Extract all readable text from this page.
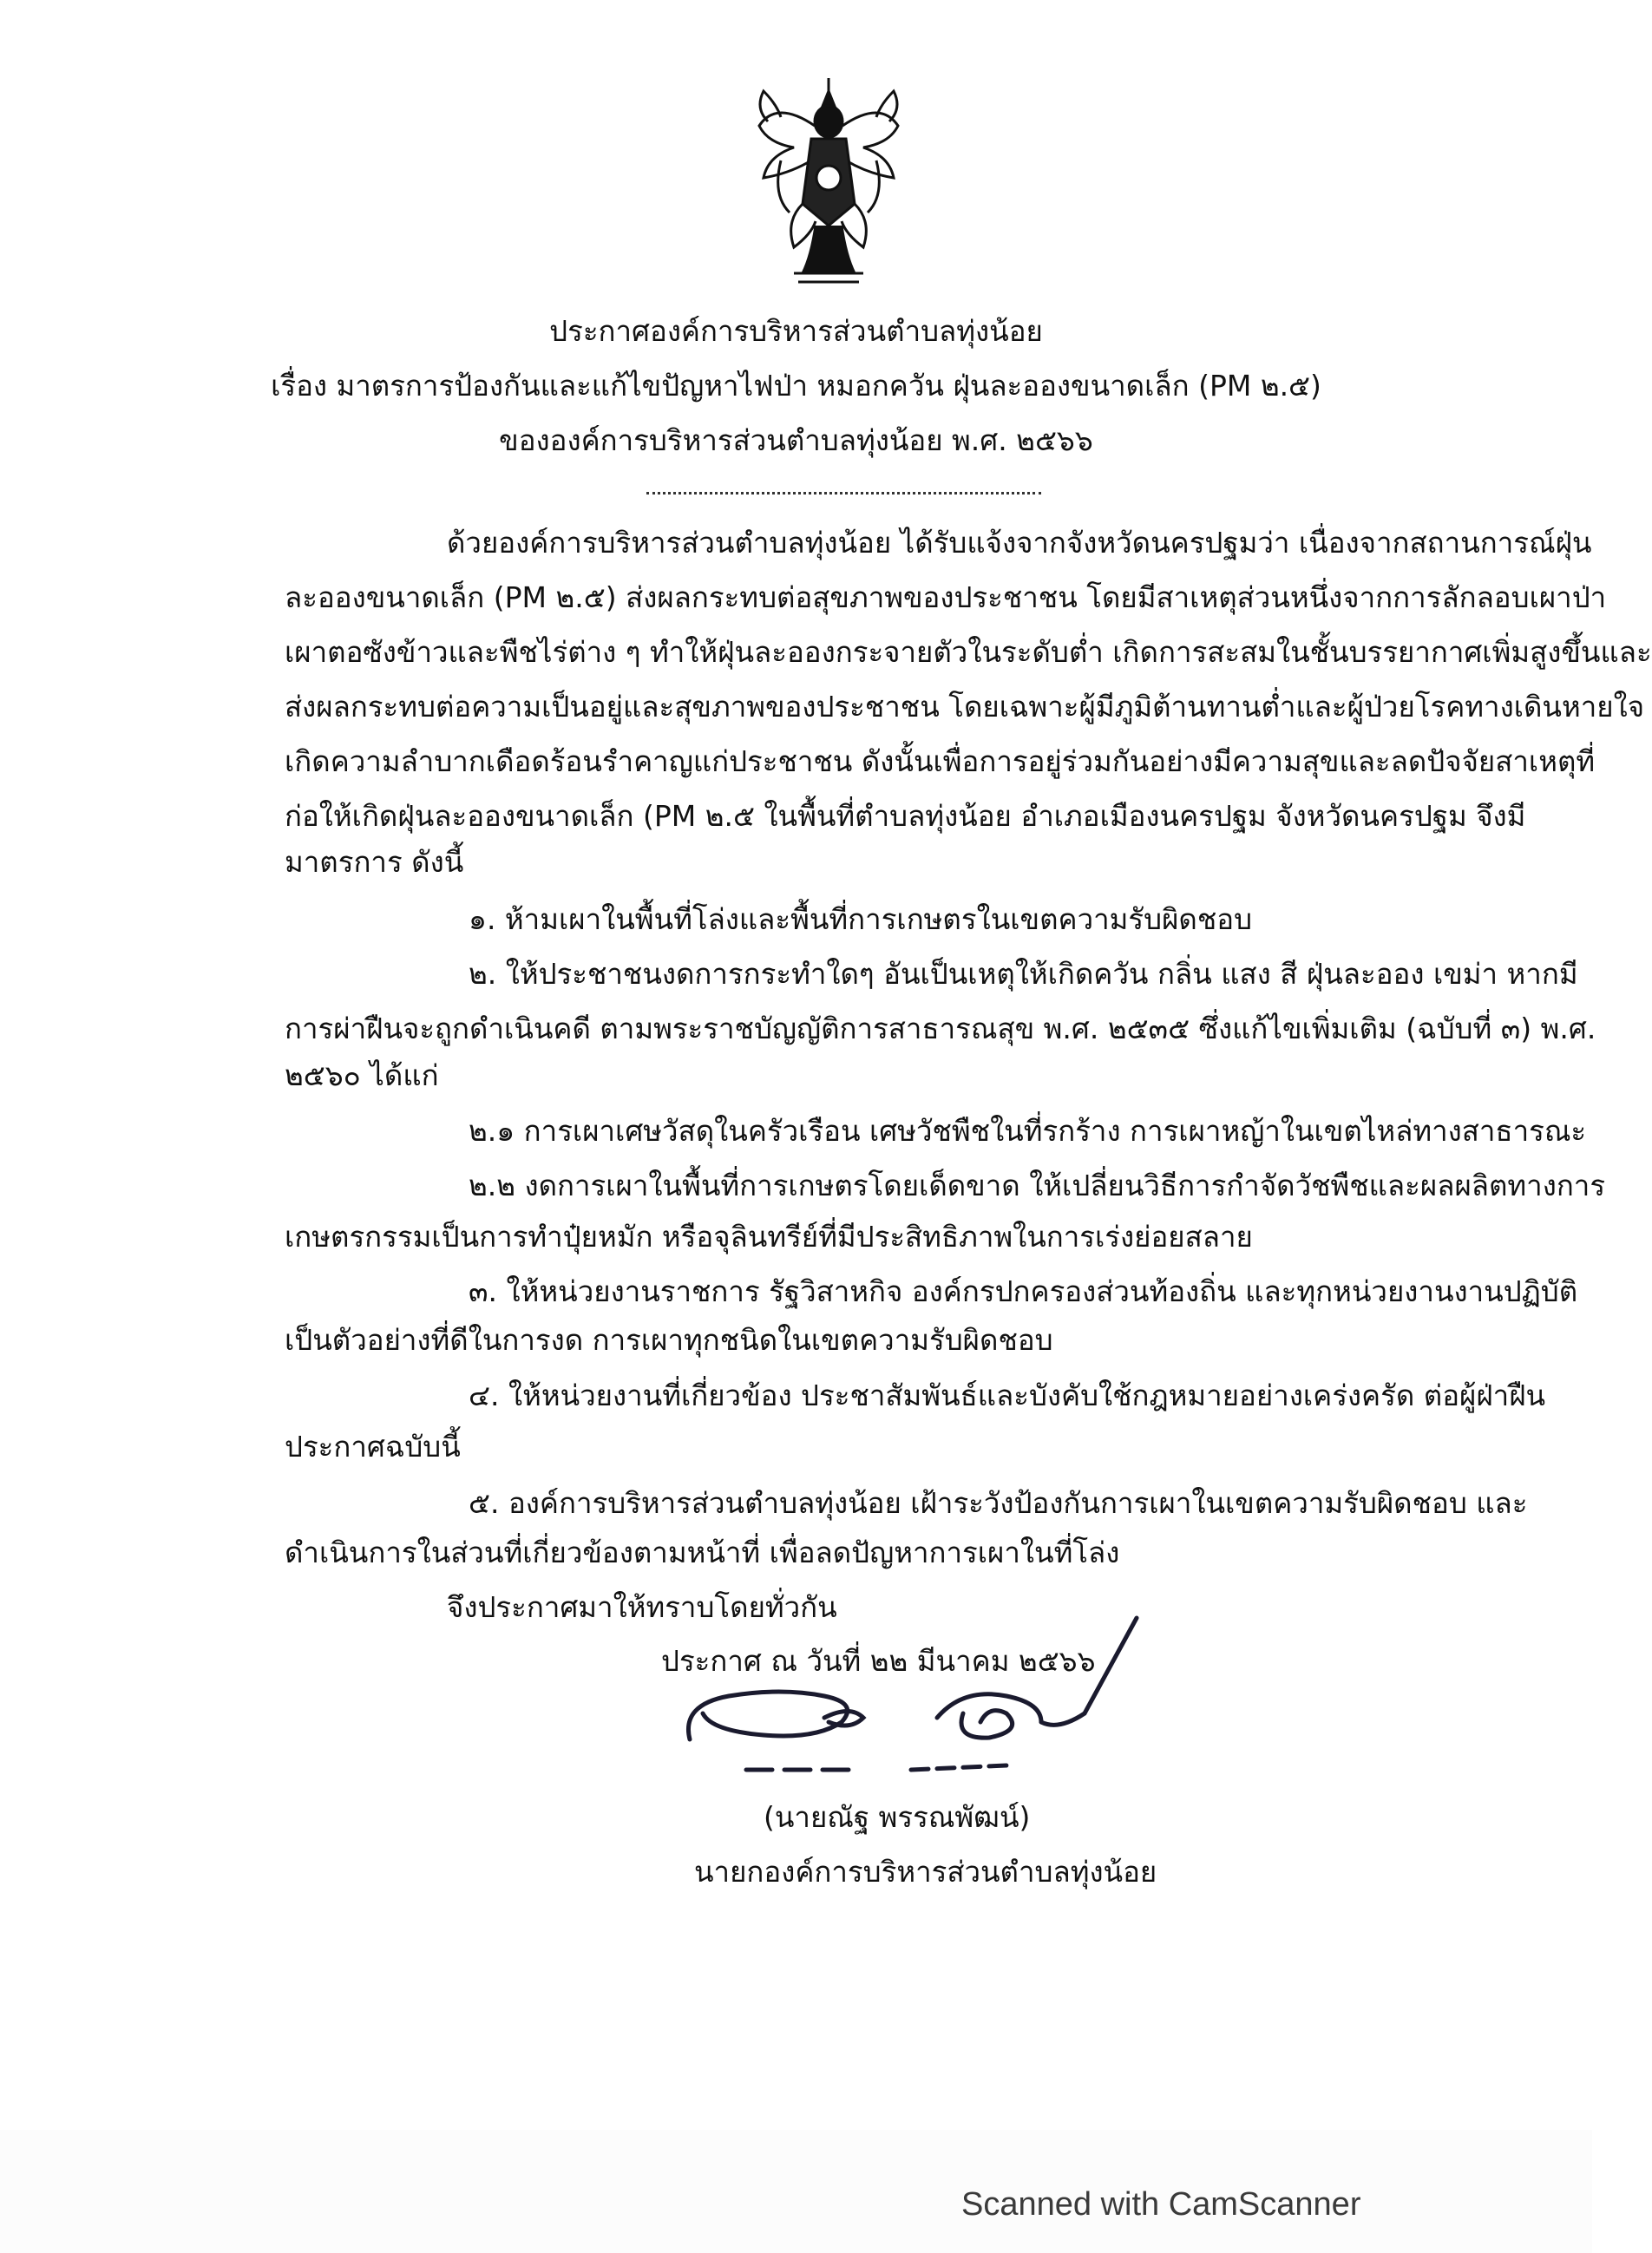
ประกาศองค์การบริหารส่วนตำบลทุ่งน้อย
เรื่อง มาตรการป้องกันและแก้ไขปัญหาไฟป่า หมอกควัน ฝุ่นละอองขนาดเล็ก (PM ๒.๕)
ขององค์การบริหารส่วนตำบลทุ่งน้อย พ.ศ. ๒๕๖๖
ด้วยองค์การบริหารส่วนตำบลทุ่งน้อย ได้รับแจ้งจากจังหวัดนครปฐมว่า เนื่องจากสถานการณ์ฝุ่น
ละอองขนาดเล็ก (PM ๒.๕) ส่งผลกระทบต่อสุขภาพของประชาชน โดยมีสาเหตุส่วนหนึ่งจากการลักลอบเผาป่า
เผาตอซังข้าวและพืชไร่ต่าง ๆ ทำให้ฝุ่นละอองกระจายตัวในระดับต่ำ เกิดการสะสมในชั้นบรรยากาศเพิ่มสูงขึ้นและ
ส่งผลกระทบต่อความเป็นอยู่และสุขภาพของประชาชน โดยเฉพาะผู้มีภูมิต้านทานต่ำและผู้ป่วยโรคทางเดินหายใจ
เกิดความลำบากเดือดร้อนรำคาญแก่ประชาชน ดังนั้นเพื่อการอยู่ร่วมกันอย่างมีความสุขและลดปัจจัยสาเหตุที่
ก่อให้เกิดฝุ่นละอองขนาดเล็ก (PM ๒.๕ ในพื้นที่ตำบลทุ่งน้อย อำเภอเมืองนครปฐม จังหวัดนครปฐม จึงมี
มาตรการ ดังนี้
๑. ห้ามเผาในพื้นที่โล่งและพื้นที่การเกษตรในเขตความรับผิดชอบ
๒. ให้ประชาชนงดการกระทำใดๆ อันเป็นเหตุให้เกิดควัน กลิ่น แสง สี ฝุ่นละออง เขม่า หากมี
การผ่าฝืนจะถูกดำเนินคดี ตามพระราชบัญญัติการสาธารณสุข พ.ศ. ๒๕๓๕ ซึ่งแก้ไขเพิ่มเติม (ฉบับที่ ๓) พ.ศ.
๒๕๖๐ ได้แก่
๒.๑ การเผาเศษวัสดุในครัวเรือน เศษวัชพืชในที่รกร้าง การเผาหญ้าในเขตไหล่ทางสาธารณะ
๒.๒ งดการเผาในพื้นที่การเกษตรโดยเด็ดขาด ให้เปลี่ยนวิธีการกำจัดวัชพืชและผลผลิตทางการ
เกษตรกรรมเป็นการทำปุ๋ยหมัก หรือจุลินทรีย์ที่มีประสิทธิภาพในการเร่งย่อยสลาย
๓. ให้หน่วยงานราชการ รัฐวิสาหกิจ องค์กรปกครองส่วนท้องถิ่น และทุกหน่วยงานงานปฏิบัติ
เป็นตัวอย่างที่ดีในการงด การเผาทุกชนิดในเขตความรับผิดชอบ
๔. ให้หน่วยงานที่เกี่ยวข้อง ประชาสัมพันธ์และบังคับใช้กฎหมายอย่างเคร่งครัด ต่อผู้ฝ่าฝืน
ประกาศฉบับนี้
๕. องค์การบริหารส่วนตำบลทุ่งน้อย เฝ้าระวังป้องกันการเผาในเขตความรับผิดชอบ และ
ดำเนินการในส่วนที่เกี่ยวข้องตามหน้าที่ เพื่อลดปัญหาการเผาในที่โล่ง
จึงประกาศมาให้ทราบโดยทั่วกัน
ประกาศ ณ วันที่ ๒๒ มีนาคม ๒๕๖๖
(นายณัฐ พรรณพัฒน์)
นายกองค์การบริหารส่วนตำบลทุ่งน้อย
Scanned with CamScanner
